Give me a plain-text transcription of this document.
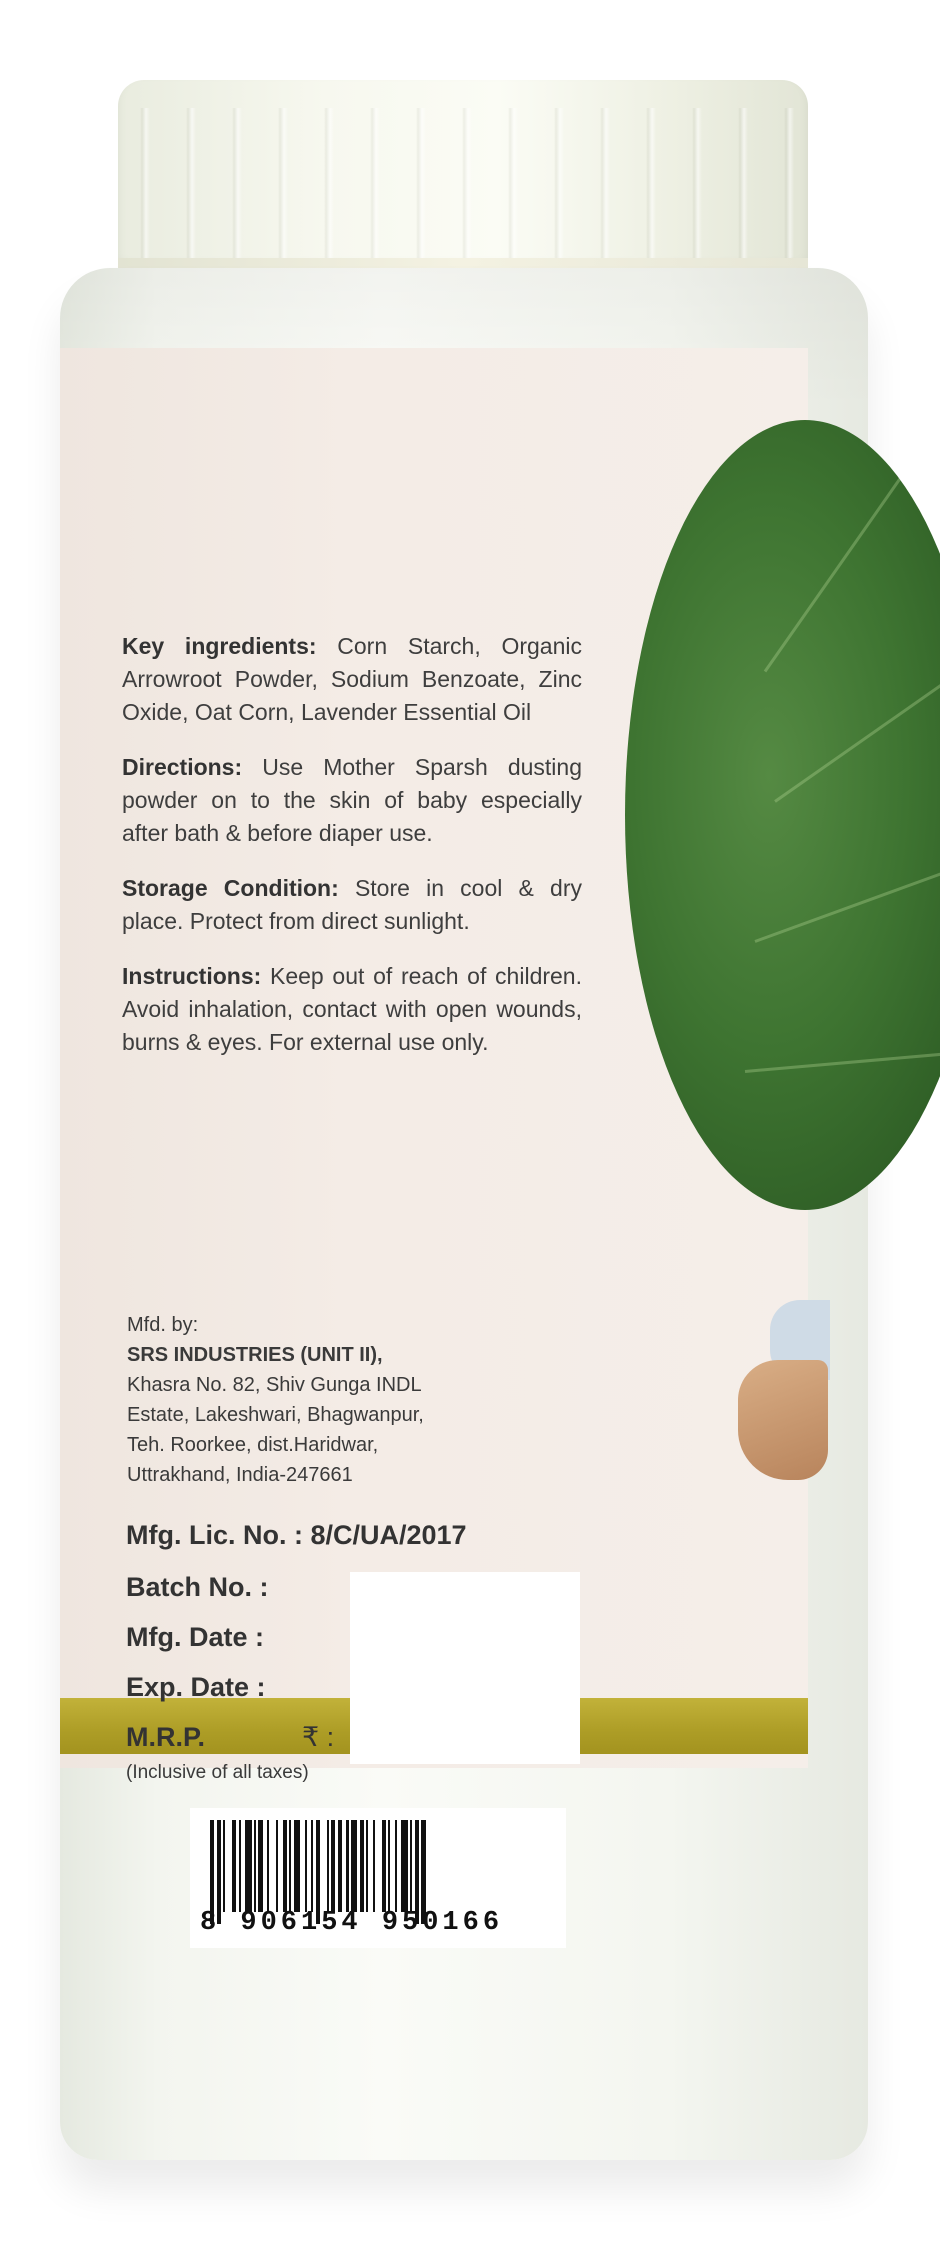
Key ingredients: Corn Starch, Organic Arrowroot Powder, Sodium Benzoate, Zinc Oxide, Oat Corn, Lavender Essential Oil

Directions: Use Mother Sparsh dusting powder on to the skin of baby especially after bath & before diaper use.

Storage Condition: Store in cool & dry place. Protect from direct sunlight.

Instructions: Keep out of reach of children. Avoid inhalation, contact with open wounds, burns & eyes. For external use only.

Mfd. by:
SRS INDUSTRIES (UNIT II),
Khasra No. 82, Shiv Gunga INDL
Estate, Lakeshwari, Bhagwanpur,
Teh. Roorkee, dist.Haridwar,
Uttrakhand, India-247661
Mfg. Lic. No. : 8/C/UA/2017
Batch No. :
Mfg. Date :
Exp. Date :
M.R.P.	₹ :
(Inclusive of all taxes)
8 906154 950166
